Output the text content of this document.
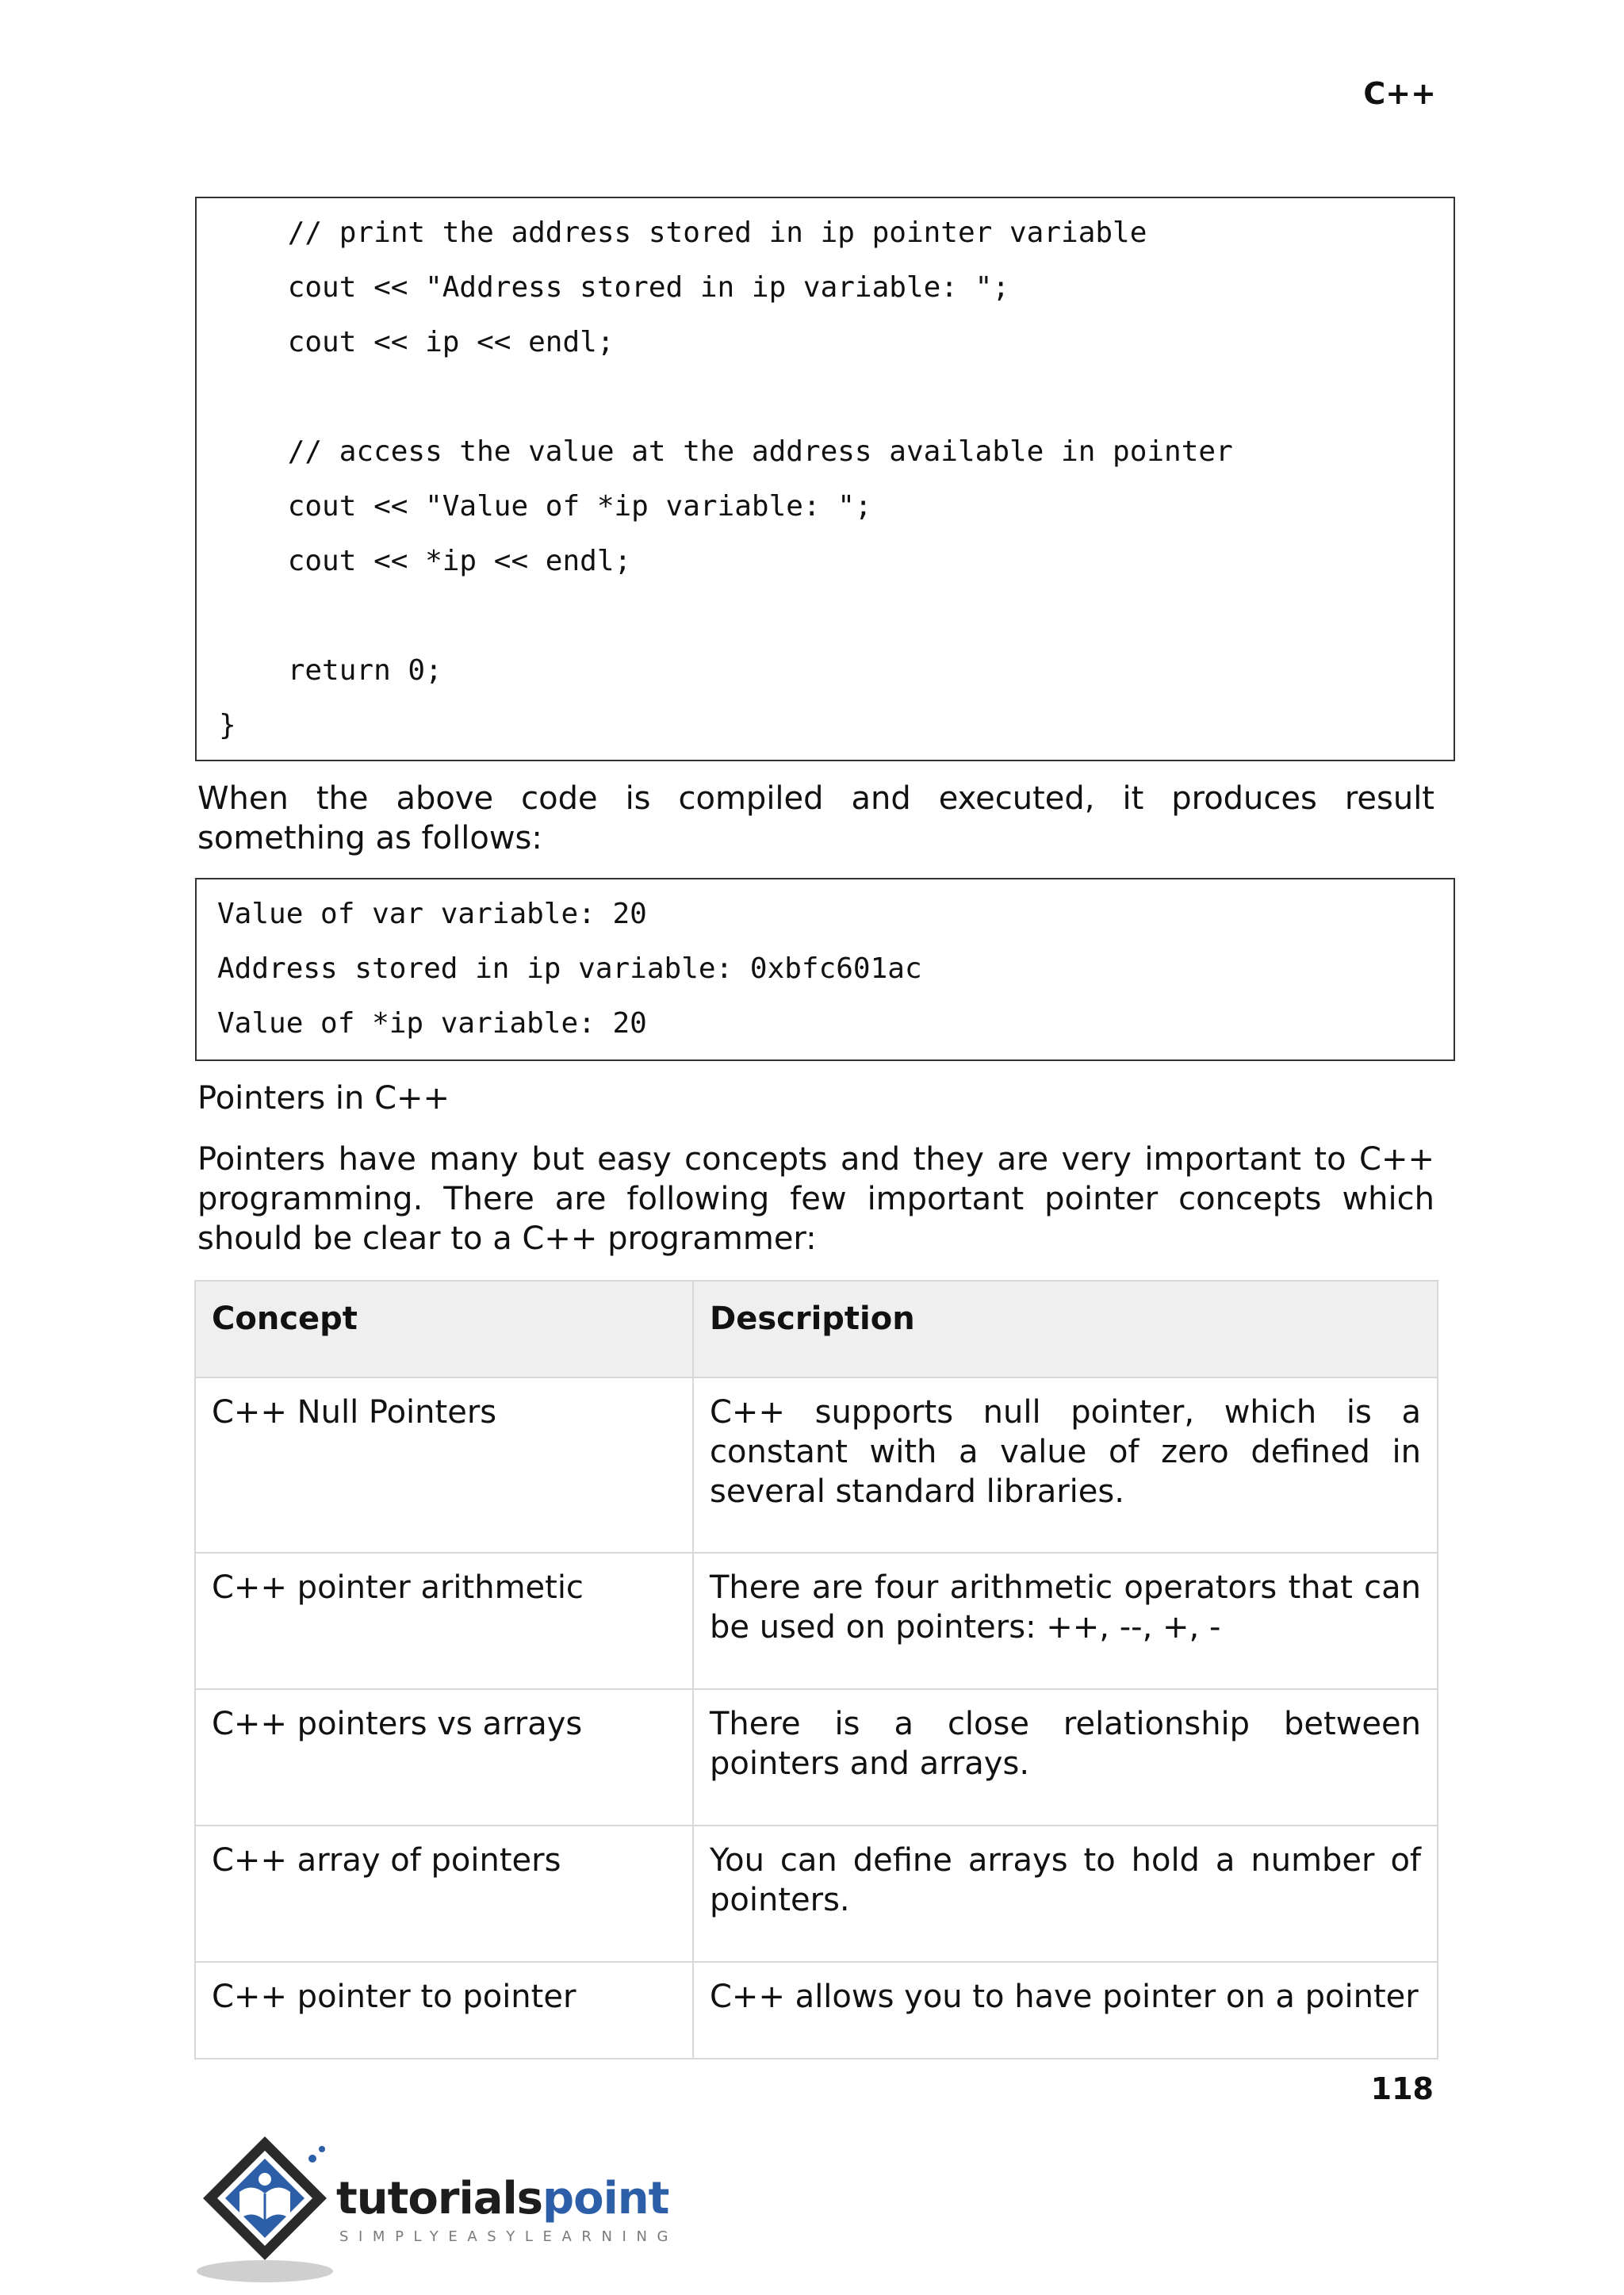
C++
// print the address stored in ip pointer variable
cout << "Address stored in ip variable: ";
cout << ip << endl;
// access the value at the address available in pointer
cout << "Value of *ip variable: ";
cout << *ip << endl;
return 0;
}
When the above code is compiled and executed, it produces result something as follows:
Value of var variable: 20
Address stored in ip variable: 0xbfc601ac
Value of *ip variable: 20
Pointers in C++
Pointers have many but easy concepts and they are very important to C++ programming. There are following few important pointer concepts which should be clear to a C++ programmer:
Concept	Description
C++ Null Pointers	C++ supports null pointer, which is a constant with a value of zero defined in several standard libraries.
C++ pointer arithmetic	There are four arithmetic operators that can be used on pointers: ++, --, +, -
C++ pointers vs arrays	There is a close relationship between pointers and arrays.
C++ array of pointers	You can define arrays to hold a number of pointers.
C++ pointer to pointer	C++ allows you to have pointer on a pointer
118
tutorialspoint
SIMPLYEASYLEARNING
